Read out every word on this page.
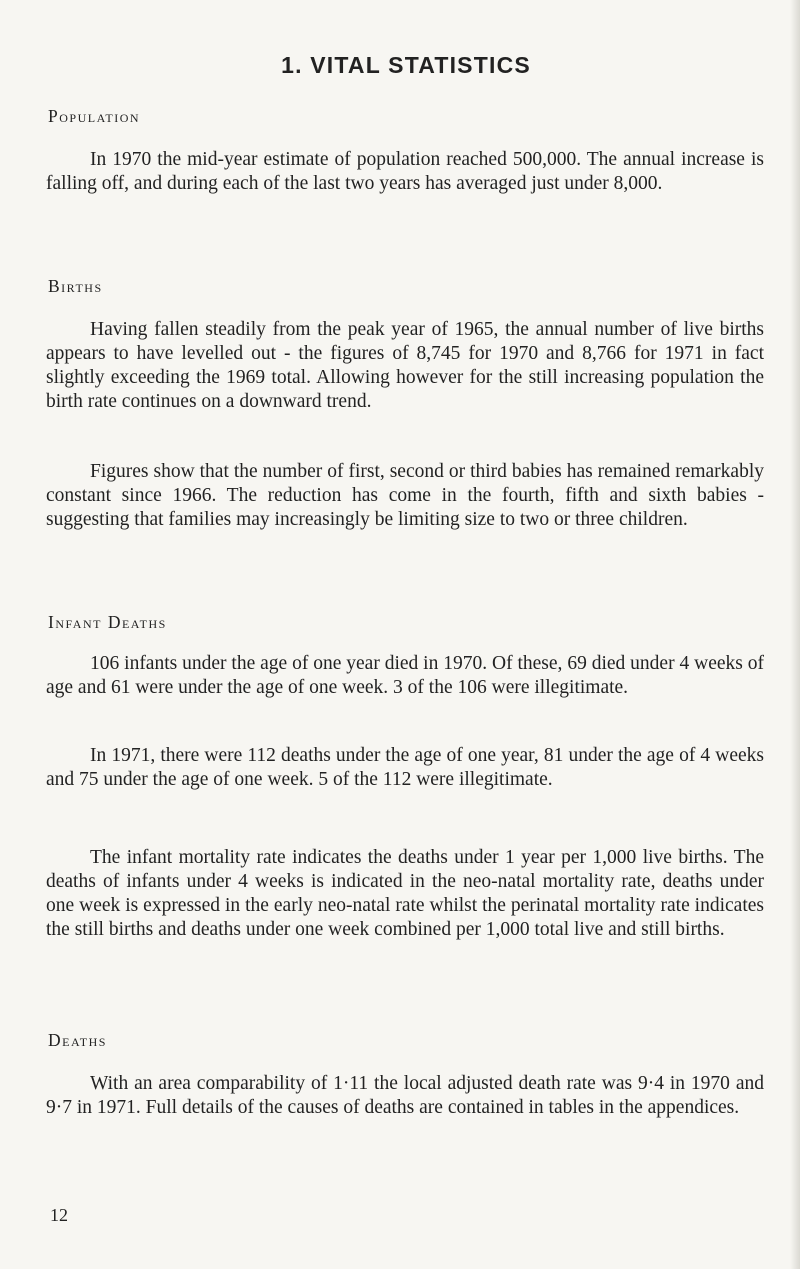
1. VITAL STATISTICS
Population

In 1970 the mid-year estimate of population reached 500,000. The annual increase is falling off, and during each of the last two years has averaged just under 8,000.

Births

Having fallen steadily from the peak year of 1965, the annual number of live births appears to have levelled out - the figures of 8,745 for 1970 and 8,766 for 1971 in fact slightly exceeding the 1969 total. Allowing however for the still increasing population the birth rate continues on a downward trend.

Figures show that the number of first, second or third babies has remained remarkably constant since 1966. The reduction has come in the fourth, fifth and sixth babies - suggesting that families may increasingly be limiting size to two or three children.

Infant Deaths

106 infants under the age of one year died in 1970. Of these, 69 died under 4 weeks of age and 61 were under the age of one week. 3 of the 106 were illegitimate.

In 1971, there were 112 deaths under the age of one year, 81 under the age of 4 weeks and 75 under the age of one week. 5 of the 112 were illegitimate.

The infant mortality rate indicates the deaths under 1 year per 1,000 live births. The deaths of infants under 4 weeks is indicated in the neo-natal mortality rate, deaths under one week is expressed in the early neo-natal rate whilst the perinatal mortality rate indicates the still births and deaths under one week combined per 1,000 total live and still births.

Deaths

With an area comparability of 1·11 the local adjusted death rate was 9·4 in 1970 and 9·7 in 1971. Full details of the causes of deaths are contained in tables in the appendices.

12
